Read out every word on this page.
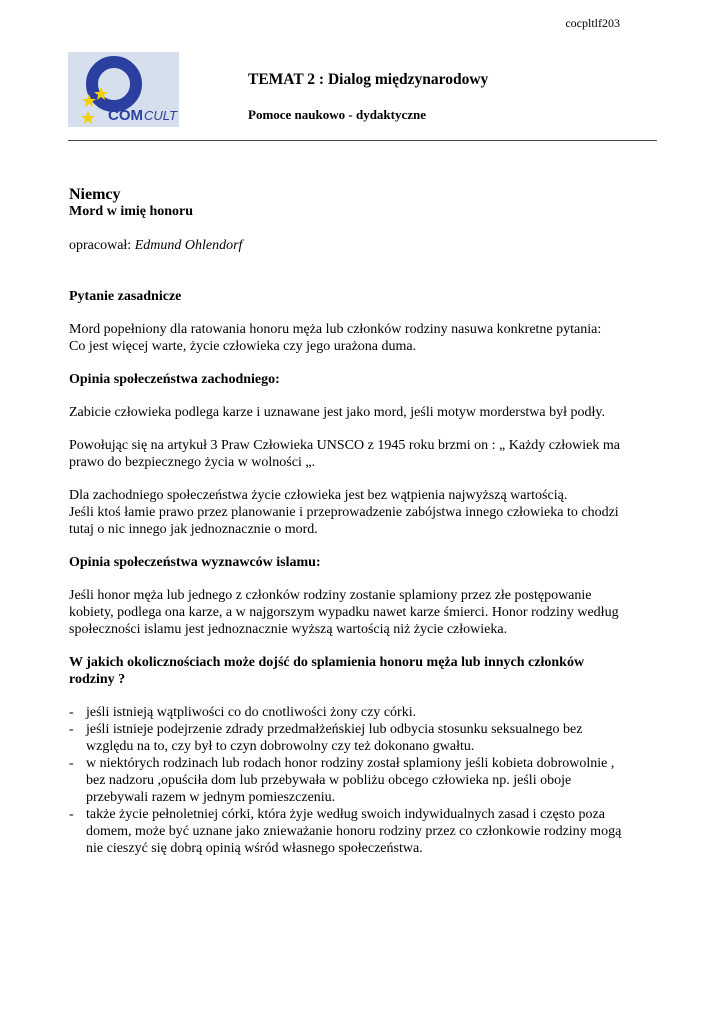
cocpltlf203
COM CULT
TEMAT 2 : Dialog międzynarodowy
Pomoce naukowo - dydaktyczne

Niemcy

Mord w imię honoru

opracował: Edmund Ohlendorf

Pytanie zasadnicze

Mord popełniony dla ratowania honoru męża lub członków rodziny nasuwa konkretne pytania:
Co jest więcej warte, życie człowieka czy jego urażona duma.

Opinia społeczeństwa zachodniego:

Zabicie człowieka podlega karze i uznawane jest jako mord, jeśli motyw morderstwa był podły.

Powołując się na artykuł 3 Praw Człowieka UNSCO z 1945 roku brzmi on : „ Każdy człowiek ma
prawo do bezpiecznego życia w wolności „.

Dla zachodniego społeczeństwa życie człowieka jest bez wątpienia najwyższą wartością.
Jeśli ktoś łamie prawo przez planowanie i przeprowadzenie zabójstwa innego człowieka to chodzi
tutaj o nic innego jak jednoznacznie o mord.

Opinia społeczeństwa wyznawców islamu:

Jeśli honor męża lub jednego z członków rodziny zostanie splamiony przez złe postępowanie
kobiety, podlega ona karze, a w najgorszym wypadku nawet karze śmierci. Honor rodziny według
społeczności islamu jest jednoznacznie wyższą wartością niż życie człowieka.

W jakich okolicznościach może dojść do splamienia honoru męża lub innych członków
rodziny ?

- jeśli istnieją wątpliwości co do cnotliwości żony czy córki.
- jeśli istnieje podejrzenie zdrady przedmałżeńskiej lub odbycia stosunku seksualnego bez
względu na to, czy był to czyn dobrowolny czy też dokonano gwałtu.
- w niektórych rodzinach lub rodach honor rodziny został splamiony jeśli kobieta dobrowolnie ,
bez nadzoru ,opuściła dom lub przebywała w pobliżu obcego człowieka np. jeśli oboje
przebywali razem w jednym pomieszczeniu.
- także życie pełnoletniej córki, która żyje według swoich indywidualnych zasad i często poza
domem, może być uznane jako znieważanie honoru rodziny przez co członkowie rodziny mogą
nie cieszyć się dobrą opinią wśród własnego społeczeństwa.
